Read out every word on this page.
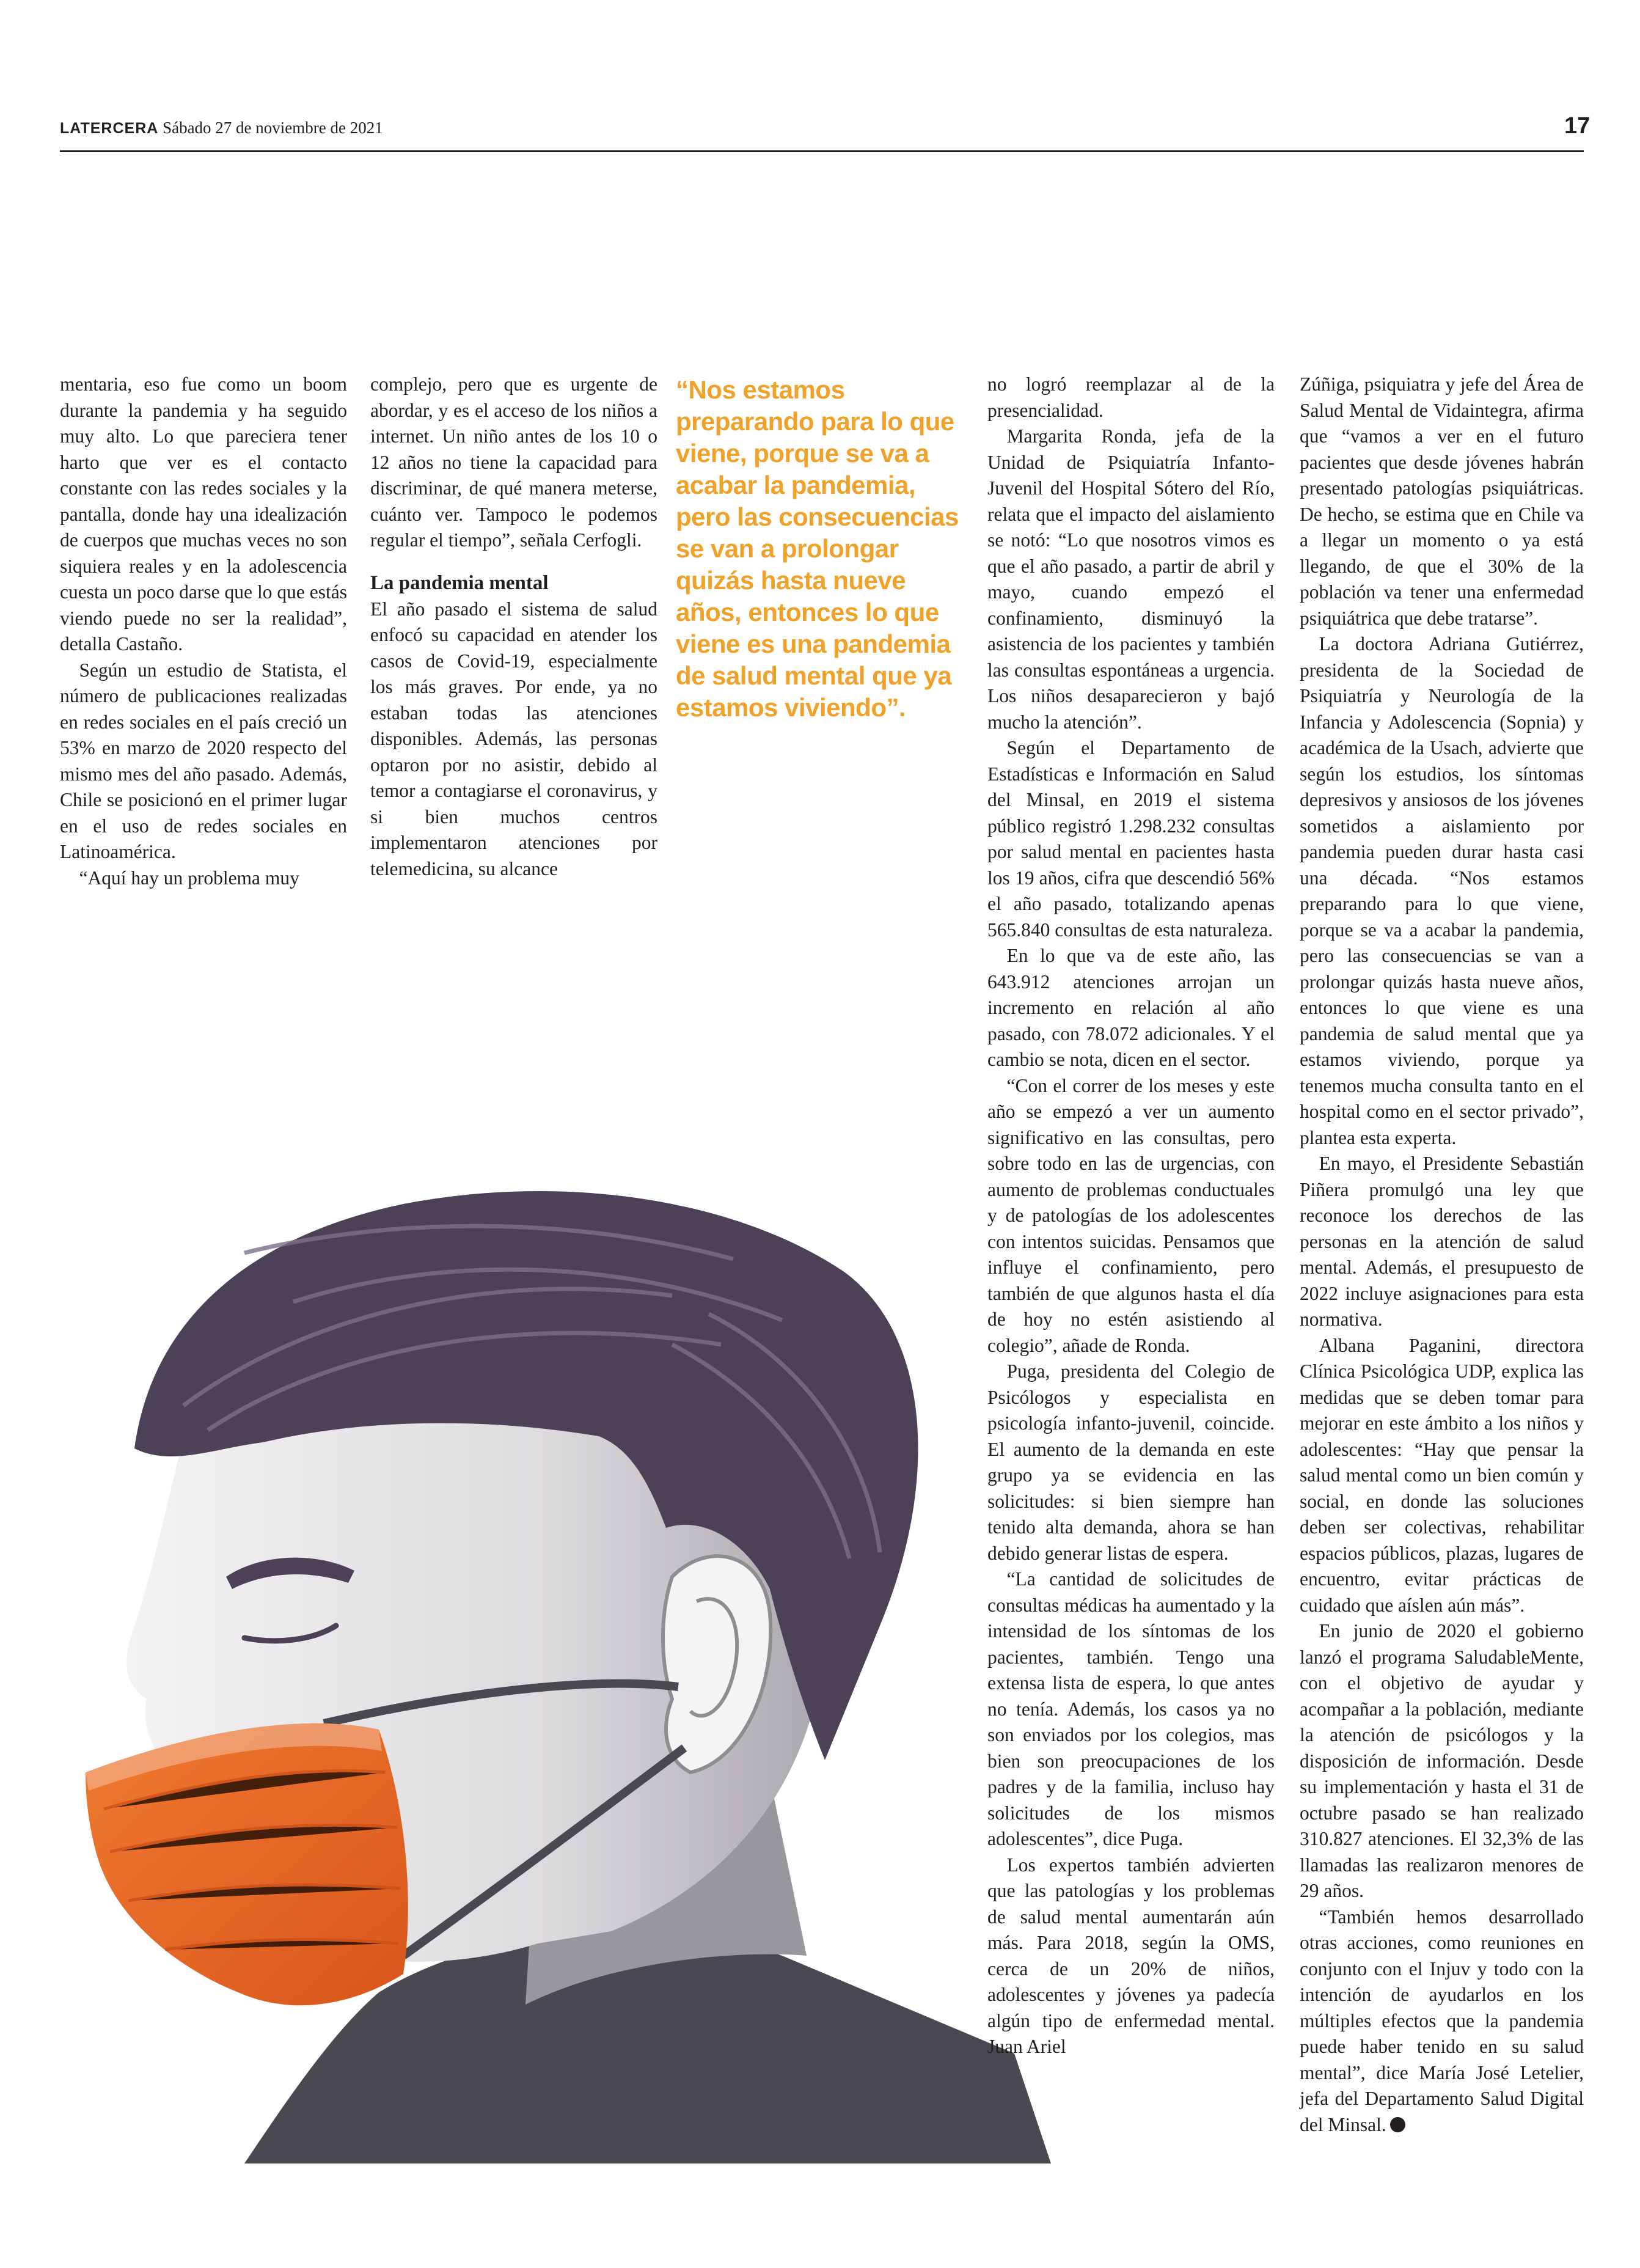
LATERCERA Sábado 27 de noviembre de 2021	17

mentaria, eso fue como un boom durante la pandemia y ha seguido muy alto. Lo que pareciera tener harto que ver es el contacto constante con las redes sociales y la pantalla, donde hay una idealización de cuerpos que muchas veces no son siquiera reales y en la adolescencia cuesta un poco darse que lo que estás viendo puede no ser la realidad”, detalla Castaño.

Según un estudio de Statista, el número de publicaciones realizadas en redes sociales en el país creció un 53% en marzo de 2020 respecto del mismo mes del año pasado. Además, Chile se posicionó en el primer lugar en el uso de redes sociales en Latinoamérica.

“Aquí hay un problema muy

complejo, pero que es urgente de abordar, y es el acceso de los niños a internet. Un niño antes de los 10 o 12 años no tiene la capacidad para discriminar, de qué manera meterse, cuánto ver. Tampoco le podemos regular el tiempo”, señala Cerfogli.

La pandemia mental

El año pasado el sistema de salud enfocó su capacidad en atender los casos de Covid-19, especialmente los más graves. Por ende, ya no estaban todas las atenciones disponibles. Además, las personas optaron por no asistir, debido al temor a contagiarse el coronavirus, y si bien muchos centros implementaron atenciones por telemedicina, su alcance

“Nos estamos preparando para lo que viene, porque se va a acabar la pandemia, pero las consecuencias se van a prolongar quizás hasta nueve años, entonces lo que viene es una pandemia de salud mental que ya estamos viviendo”.

no logró reemplazar al de la presencialidad.

Margarita Ronda, jefa de la Unidad de Psiquiatría Infanto-Juvenil del Hospital Sótero del Río, relata que el impacto del aislamiento se notó: “Lo que nosotros vimos es que el año pasado, a partir de abril y mayo, cuando empezó el confinamiento, disminuyó la asistencia de los pacientes y también las consultas espontáneas a urgencia. Los niños desaparecieron y bajó mucho la atención”.

Según el Departamento de Estadísticas e Información en Salud del Minsal, en 2019 el sistema público registró 1.298.232 consultas por salud mental en pacientes hasta los 19 años, cifra que descendió 56% el año pasado, totalizando apenas 565.840 consultas de esta naturaleza.

En lo que va de este año, las 643.912 atenciones arrojan un incremento en relación al año pasado, con 78.072 adicionales. Y el cambio se nota, dicen en el sector.

“Con el correr de los meses y este año se empezó a ver un aumento significativo en las consultas, pero sobre todo en las de urgencias, con aumento de problemas conductuales y de patologías de los adolescentes con intentos suicidas. Pensamos que influye el confinamiento, pero también de que algunos hasta el día de hoy no estén asistiendo al colegio”, añade de Ronda.

Puga, presidenta del Colegio de Psicólogos y especialista en psicología infanto-juvenil, coincide. El aumento de la demanda en este grupo ya se evidencia en las solicitudes: si bien siempre han tenido alta demanda, ahora se han debido generar listas de espera.

“La cantidad de solicitudes de consultas médicas ha aumentado y la intensidad de los síntomas de los pacientes, también. Tengo una extensa lista de espera, lo que antes no tenía. Además, los casos ya no son enviados por los colegios, mas bien son preocupaciones de los padres y de la familia, incluso hay solicitudes de los mismos adolescentes”, dice Puga.

Los expertos también advierten que las patologías y los problemas de salud mental aumentarán aún más. Para 2018, según la OMS, cerca de un 20% de niños, adolescentes y jóvenes ya padecía algún tipo de enfermedad mental. Juan Ariel

Zúñiga, psiquiatra y jefe del Área de Salud Mental de Vidaintegra, afirma que “vamos a ver en el futuro pacientes que desde jóvenes habrán presentado patologías psiquiátricas. De hecho, se estima que en Chile va a llegar un momento o ya está llegando, de que el 30% de la población va tener una enfermedad psiquiátrica que debe tratarse”.

La doctora Adriana Gutiérrez, presidenta de la Sociedad de Psiquiatría y Neurología de la Infancia y Adolescencia (Sopnia) y académica de la Usach, advierte que según los estudios, los síntomas depresivos y ansiosos de los jóvenes sometidos a aislamiento por pandemia pueden durar hasta casi una década. “Nos estamos preparando para lo que viene, porque se va a acabar la pandemia, pero las consecuencias se van a prolongar quizás hasta nueve años, entonces lo que viene es una pandemia de salud mental que ya estamos viviendo, porque ya tenemos mucha consulta tanto en el hospital como en el sector privado”, plantea esta experta.

En mayo, el Presidente Sebastián Piñera promulgó una ley que reconoce los derechos de las personas en la atención de salud mental. Además, el presupuesto de 2022 incluye asignaciones para esta normativa.

Albana Paganini, directora Clínica Psicológica UDP, explica las medidas que se deben tomar para mejorar en este ámbito a los niños y adolescentes: “Hay que pensar la salud mental como un bien común y social, en donde las soluciones deben ser colectivas, rehabilitar espacios públicos, plazas, lugares de encuentro, evitar prácticas de cuidado que aíslen aún más”.

En junio de 2020 el gobierno lanzó el programa SaludableMente, con el objetivo de ayudar y acompañar a la población, mediante la atención de psicólogos y la disposición de información. Desde su implementación y hasta el 31 de octubre pasado se han realizado 310.827 atenciones. El 32,3% de las llamadas las realizaron menores de 29 años.

“También hemos desarrollado otras acciones, como reuniones en conjunto con el Injuv y todo con la intención de ayudarlos en los múltiples efectos que la pandemia puede haber tenido en su salud mental”, dice María José Letelier, jefa del Departamento Salud Digital del Minsal.
